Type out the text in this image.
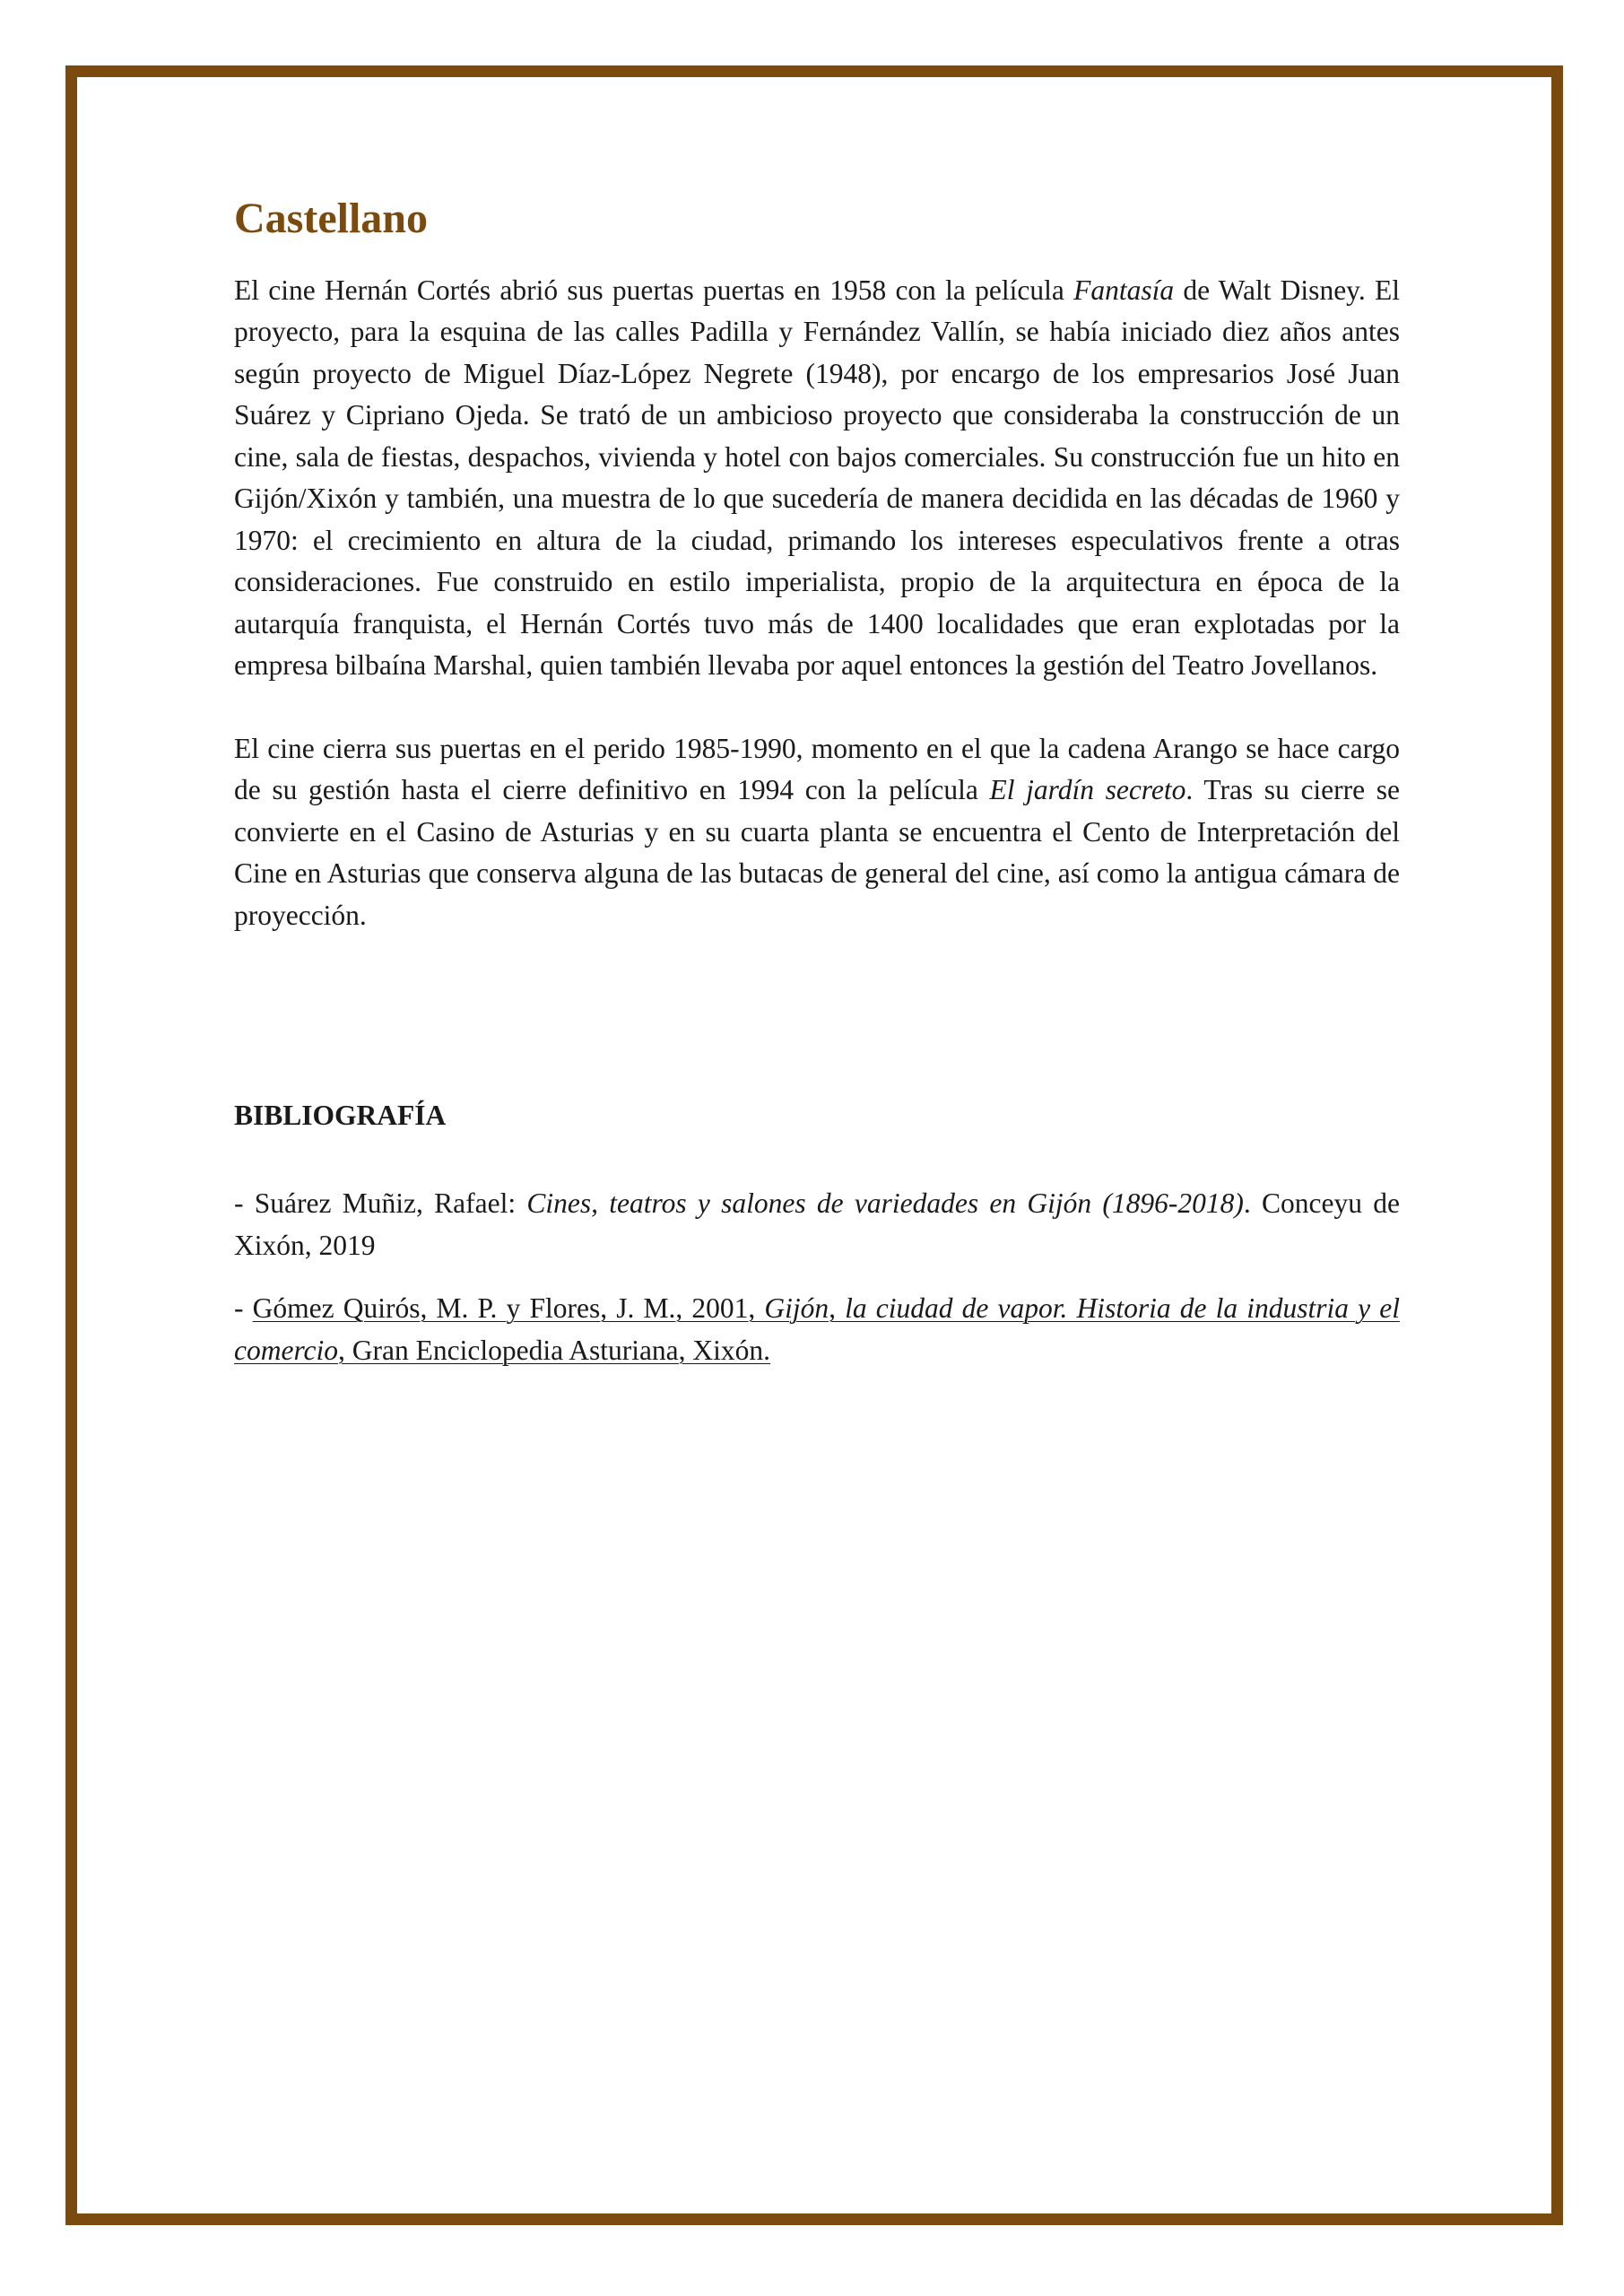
Castellano

El cine Hernán Cortés abrió sus puertas puertas en 1958 con la película Fantasía de Walt Disney. El proyecto, para la esquina de las calles Padilla y Fernández Vallín, se había iniciado diez años antes según proyecto de Miguel Díaz-López Negrete (1948), por encargo de los empresarios José Juan Suárez y Cipriano Ojeda. Se trató de un ambicioso proyecto que consideraba la construcción de un cine, sala de fiestas, despachos, vivienda y hotel con bajos comerciales. Su construcción fue un hito en Gijón/Xixón y también, una muestra de lo que sucedería de manera decidida en las décadas de 1960 y 1970: el crecimiento en altura de la ciudad, primando los intereses especulativos frente a otras consideraciones. Fue construido en estilo imperialista, propio de la arquitectura en época de la autarquía franquista, el Hernán Cortés tuvo más de 1400 localidades que eran explotadas por la empresa bilbaína Marshal, quien también llevaba por aquel entonces la gestión del Teatro Jovellanos.

El cine cierra sus puertas en el perido 1985-1990, momento en el que la cadena Arango se hace cargo de su gestión hasta el cierre definitivo en 1994 con la película El jardín secreto. Tras su cierre se convierte en el Casino de Asturias y en su cuarta planta se encuentra el Cento de Interpretación del Cine en Asturias que conserva alguna de las butacas de general del cine, así como la antigua cámara de proyección.

BIBLIOGRAFÍA

- Suárez Muñiz, Rafael: Cines, teatros y salones de variedades en Gijón (1896-2018). Conceyu de Xixón, 2019

- Gómez Quirós, M. P. y Flores, J. M., 2001, Gijón, la ciudad de vapor. Historia de la industria y el comercio, Gran Enciclopedia Asturiana, Xixón.
